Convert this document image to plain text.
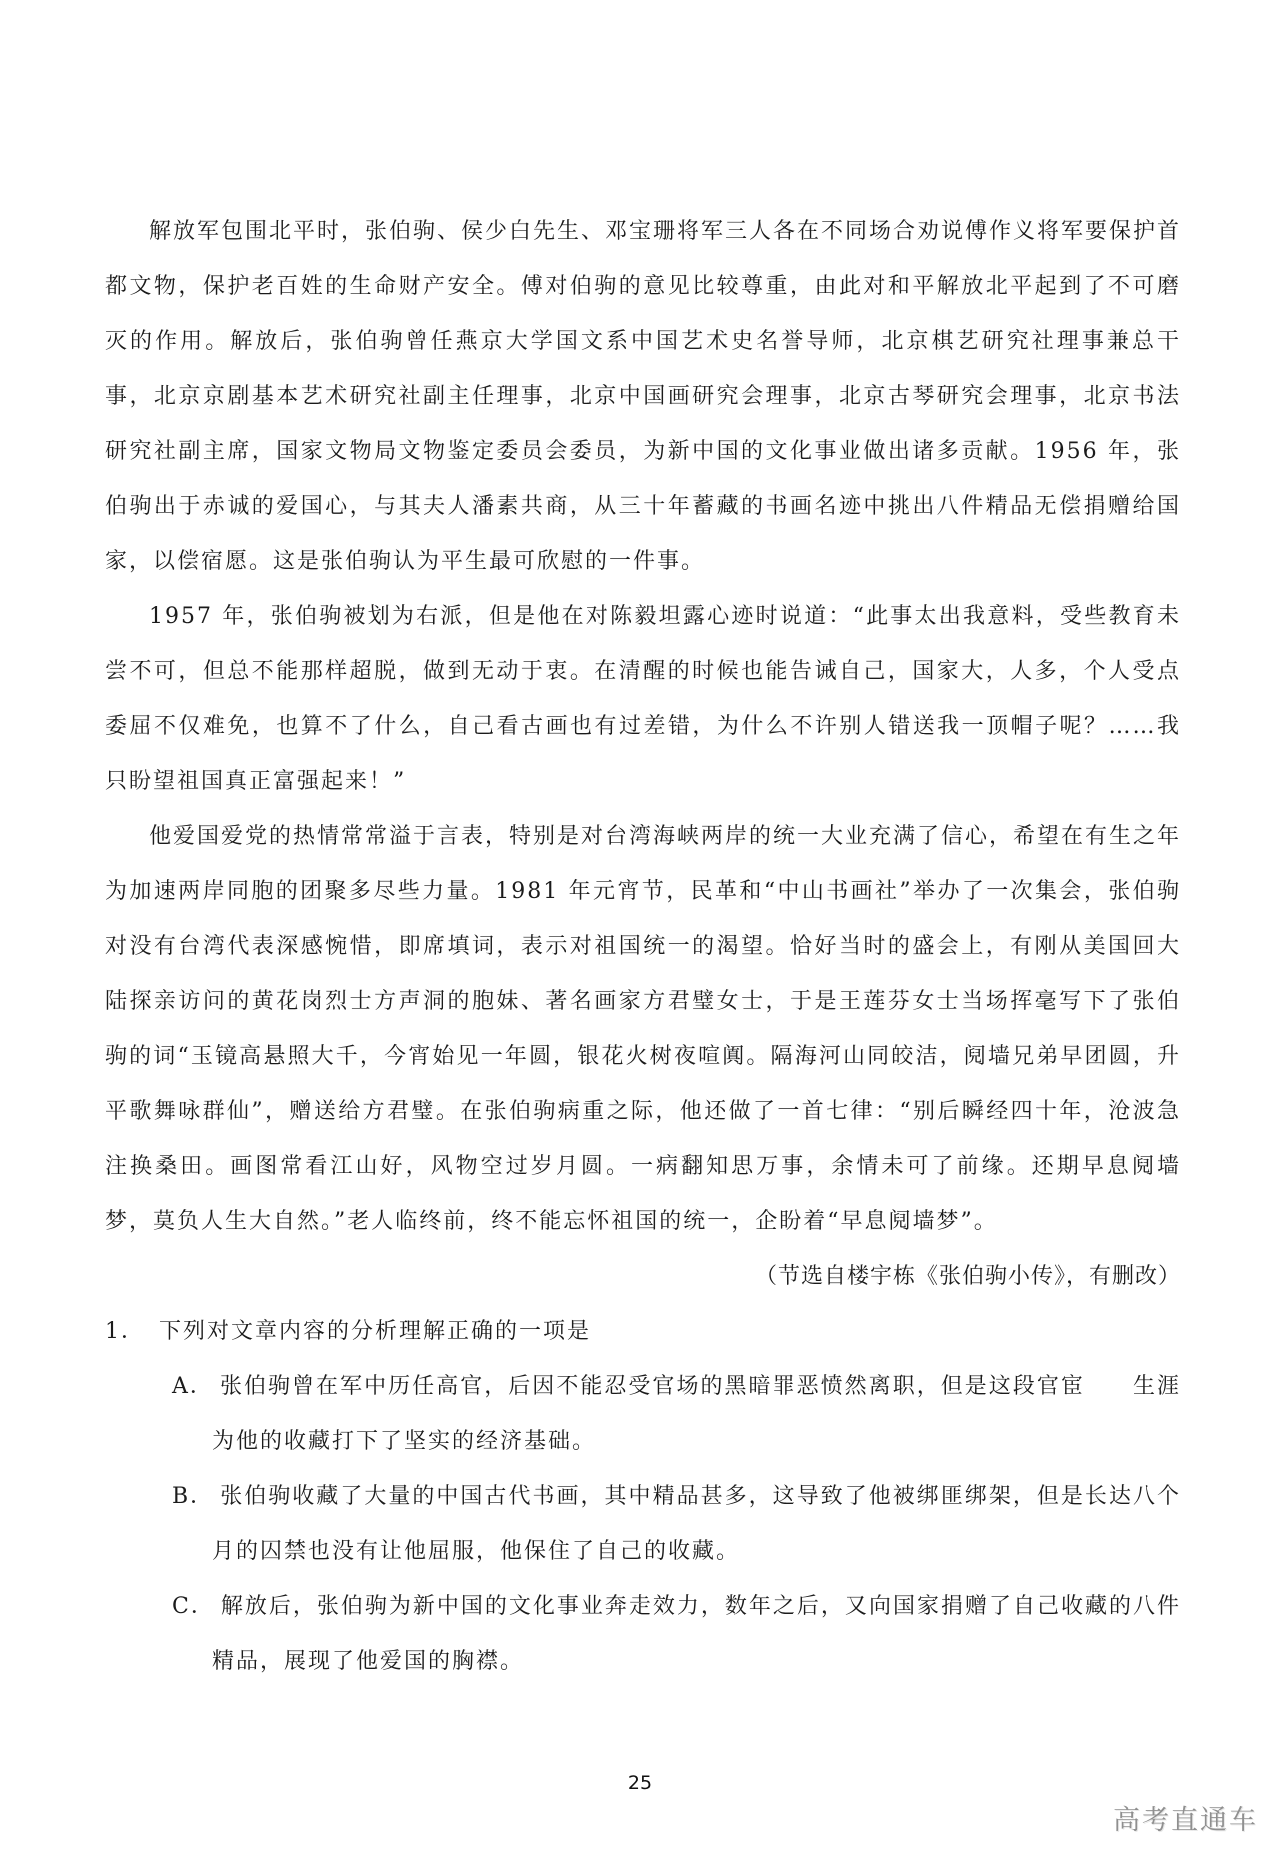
解放军包围北平时，张伯驹、侯少白先生、邓宝珊将军三人各在不同场合劝说傅作义将军要保护首都文物，保护老百姓的生命财产安全。傅对伯驹的意见比较尊重，由此对和平解放北平起到了不可磨灭的作用。解放后，张伯驹曾任燕京大学国文系中国艺术史名誉导师，北京棋艺研究社理事兼总干事，北京京剧基本艺术研究社副主任理事，北京中国画研究会理事，北京古琴研究会理事，北京书法研究社副主席，国家文物局文物鉴定委员会委员，为新中国的文化事业做出诸多贡献。1956 年，张伯驹出于赤诚的爱国心，与其夫人潘素共商，从三十年蓄藏的书画名迹中挑出八件精品无偿捐赠给国家，以偿宿愿。这是张伯驹认为平生最可欣慰的一件事。

1957 年，张伯驹被划为右派，但是他在对陈毅坦露心迹时说道：“此事太出我意料，受些教育未尝不可，但总不能那样超脱，做到无动于衷。在清醒的时候也能告诫自己，国家大，人多，个人受点委屈不仅难免，也算不了什么，自己看古画也有过差错，为什么不许别人错送我一顶帽子呢？……我只盼望祖国真正富强起来！”

他爱国爱党的热情常常溢于言表，特别是对台湾海峡两岸的统一大业充满了信心，希望在有生之年为加速两岸同胞的团聚多尽些力量。1981 年元宵节，民革和“中山书画社”举办了一次集会，张伯驹对没有台湾代表深感惋惜，即席填词，表示对祖国统一的渴望。恰好当时的盛会上，有刚从美国回大陆探亲访问的黄花岗烈士方声洞的胞妹、著名画家方君璧女士，于是王莲芬女士当场挥毫写下了张伯驹的词“玉镜高悬照大千，今宵始见一年圆，银花火树夜喧阗。隔海河山同皎洁，阋墙兄弟早团圆，升平歌舞咏群仙”，赠送给方君璧。在张伯驹病重之际，他还做了一首七律：“别后瞬经四十年，沧波急注换桑田。画图常看江山好，风物空过岁月圆。一病翻知思万事，余情未可了前缘。还期早息阋墙梦，莫负人生大自然。”老人临终前，终不能忘怀祖国的统一，企盼着“早息阋墙梦”。

（节选自楼宇栋《张伯驹小传》，有删改）

1． 下列对文章内容的分析理解正确的一项是
A． 张伯驹曾在军中历任高官，后因不能忍受官场的黑暗罪恶愤然离职，但是这段官宦　　生涯为他的收藏打下了坚实的经济基础。
B． 张伯驹收藏了大量的中国古代书画，其中精品甚多，这导致了他被绑匪绑架，但是长达八个月的囚禁也没有让他屈服，他保住了自己的收藏。
C． 解放后，张伯驹为新中国的文化事业奔走效力，数年之后，又向国家捐赠了自己收藏的八件精品，展现了他爱国的胸襟。
25
高考直通车
